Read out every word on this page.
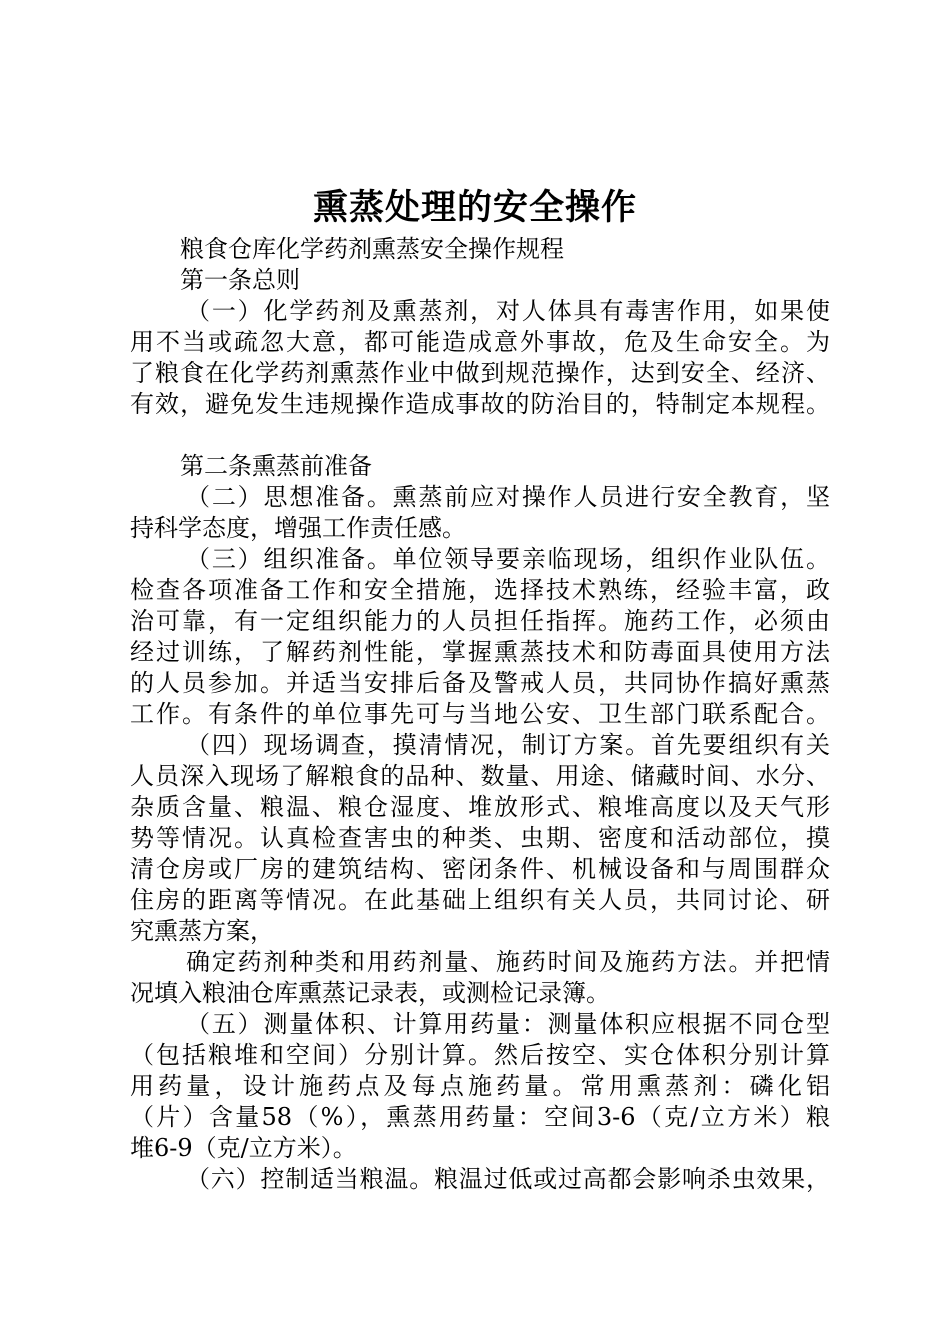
熏蒸处理的安全操作
粮食仓库化学药剂熏蒸安全操作规程
第一条总则
（一）化学药剂及熏蒸剂，对人体具有毒害作用，如果使
用不当或疏忽大意，都可能造成意外事故，危及生命安全。为
了粮食在化学药剂熏蒸作业中做到规范操作，达到安全、经济、
有效，避免发生违规操作造成事故的防治目的，特制定本规程。
第二条熏蒸前准备
（二）思想准备。熏蒸前应对操作人员进行安全教育，坚
持科学态度，增强工作责任感。
（三）组织准备。单位领导要亲临现场，组织作业队伍。
检查各项准备工作和安全措施，选择技术熟练，经验丰富，政
治可靠，有一定组织能力的人员担任指挥。施药工作，必须由
经过训练，了解药剂性能，掌握熏蒸技术和防毒面具使用方法
的人员参加。并适当安排后备及警戒人员，共同协作搞好熏蒸
工作。有条件的单位事先可与当地公安、卫生部门联系配合。
（四）现场调查，摸清情况，制订方案。首先要组织有关
人员深入现场了解粮食的品种、数量、用途、储藏时间、水分、
杂质含量、粮温、粮仓湿度、堆放形式、粮堆高度以及天气形
势等情况。认真检查害虫的种类、虫期、密度和活动部位，摸
清仓房或厂房的建筑结构、密闭条件、机械设备和与周围群众
住房的距离等情况。在此基础上组织有关人员，共同讨论、研
究熏蒸方案，
确定药剂种类和用药剂量、施药时间及施药方法。并把情
况填入粮油仓库熏蒸记录表，或测检记录簿。
（五）测量体积、计算用药量：测量体积应根据不同仓型
（包括粮堆和空间）分别计算。然后按空、实仓体积分别计算
用药量，设计施药点及每点施药量。常用熏蒸剂：磷化铝
（片）含量58（%），熏蒸用药量：空间3-6（克/立方米）粮
堆6-9（克/立方米）。
（六）控制适当粮温。粮温过低或过高都会影响杀虫效果，
